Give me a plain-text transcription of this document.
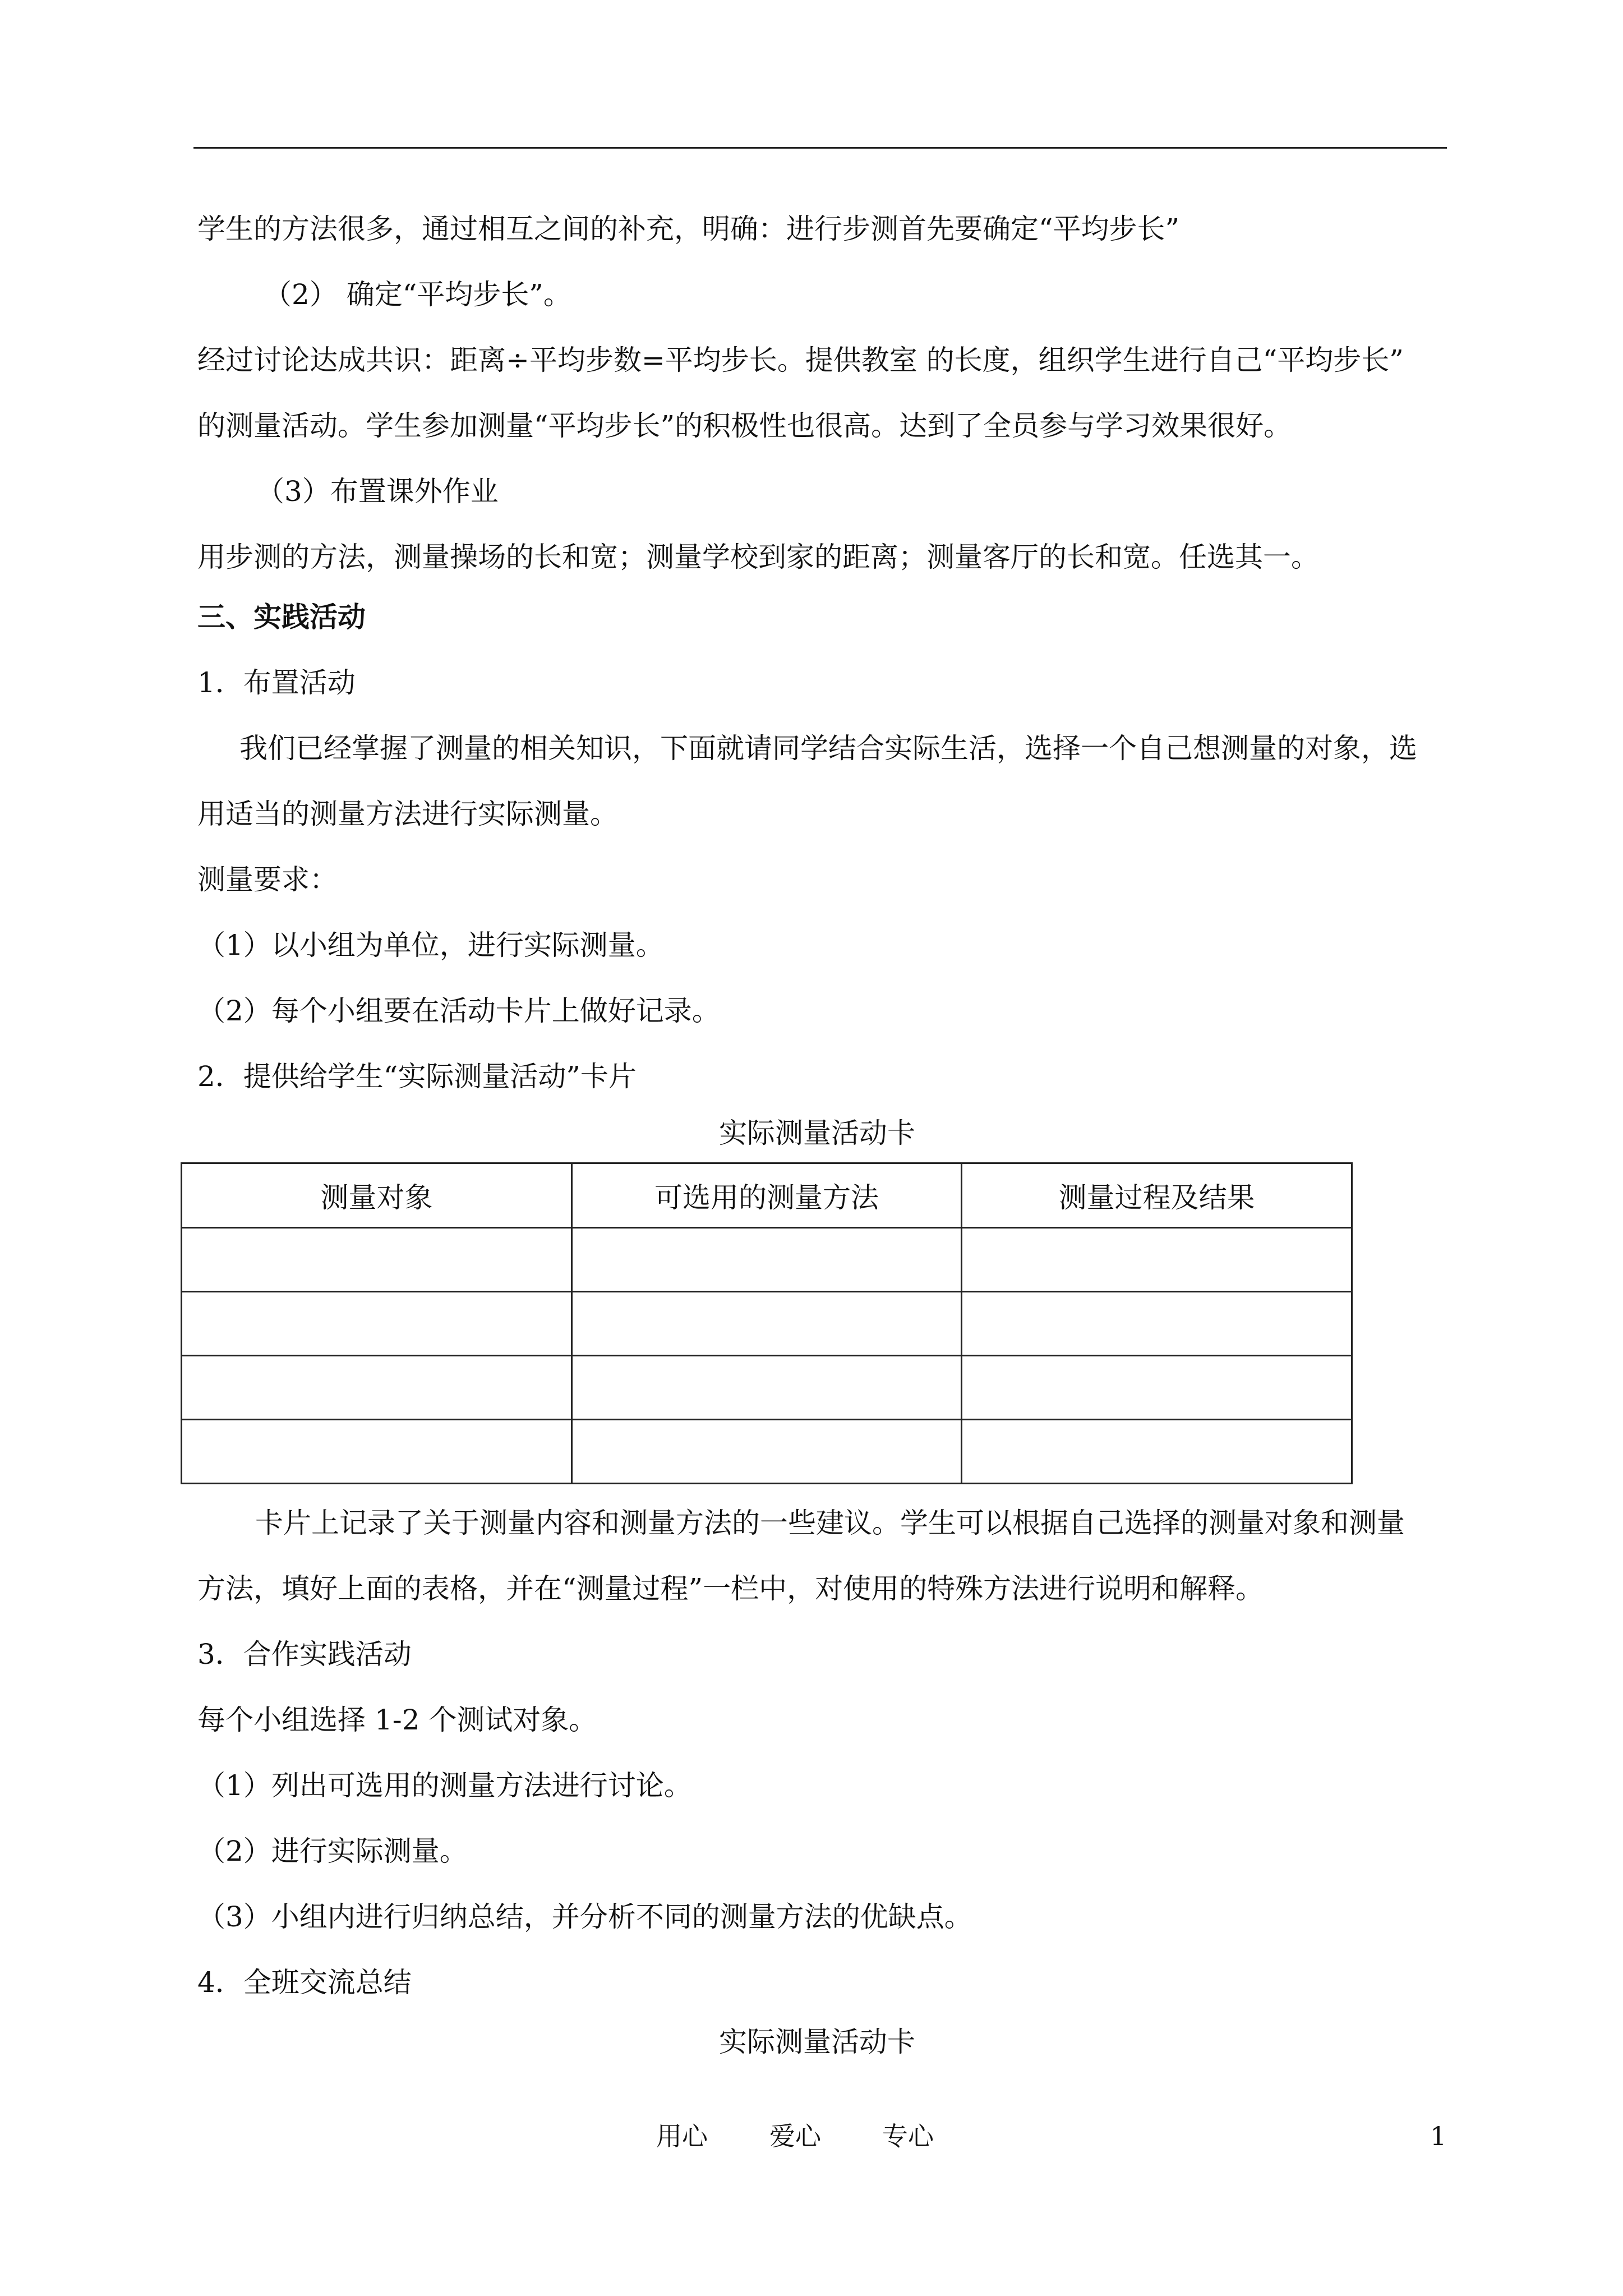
学生的方法很多，通过相互之间的补充，明确：进行步测首先要确定“平均步长”
（2） 确定“平均步长”。
经过讨论达成共识：距离÷平均步数=平均步长。提供教室 的长度，组织学生进行自己“平均步长”
的测量活动。学生参加测量“平均步长”的积极性也很高。达到了全员参与学习效果很好。
（3）布置课外作业
用步测的方法，测量操场的长和宽；测量学校到家的距离；测量客厅的长和宽。任选其一。
三、实践活动
1．布置活动
我们已经掌握了测量的相关知识，下面就请同学结合实际生活，选择一个自己想测量的对象，选
用适当的测量方法进行实际测量。
测量要求：
（1）以小组为单位，进行实际测量。
（2）每个小组要在活动卡片上做好记录。
2．提供给学生“实际测量活动”卡片
实际测量活动卡
测量对象	可选用的测量方法	测量过程及结果

卡片上记录了关于测量内容和测量方法的一些建议。学生可以根据自己选择的测量对象和测量
方法，填好上面的表格，并在“测量过程”一栏中，对使用的特殊方法进行说明和解释。
3．合作实践活动
每个小组选择 1-2 个测试对象。
（1）列出可选用的测量方法进行讨论。
（2）进行实际测量。
（3）小组内进行归纳总结，并分析不同的测量方法的优缺点。
4．全班交流总结
实际测量活动卡
用心 爱心 专心	1
